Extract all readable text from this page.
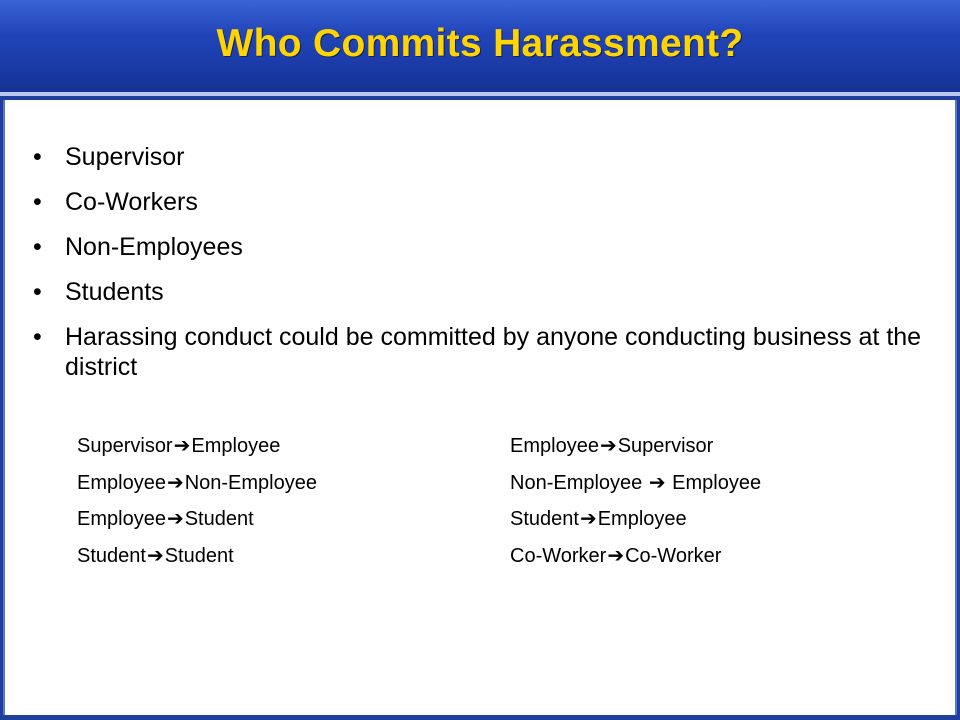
Who Commits Harassment?
• Supervisor
• Co-Workers
• Non-Employees
• Students
• Harassing conduct could be committed by anyone conducting business at the district
Supervisor➔Employee	Employee➔Supervisor
Employee➔Non-Employee	Non-Employee ➔ Employee
Employee➔Student	Student➔Employee
Student➔Student	Co-Worker➔Co-Worker
